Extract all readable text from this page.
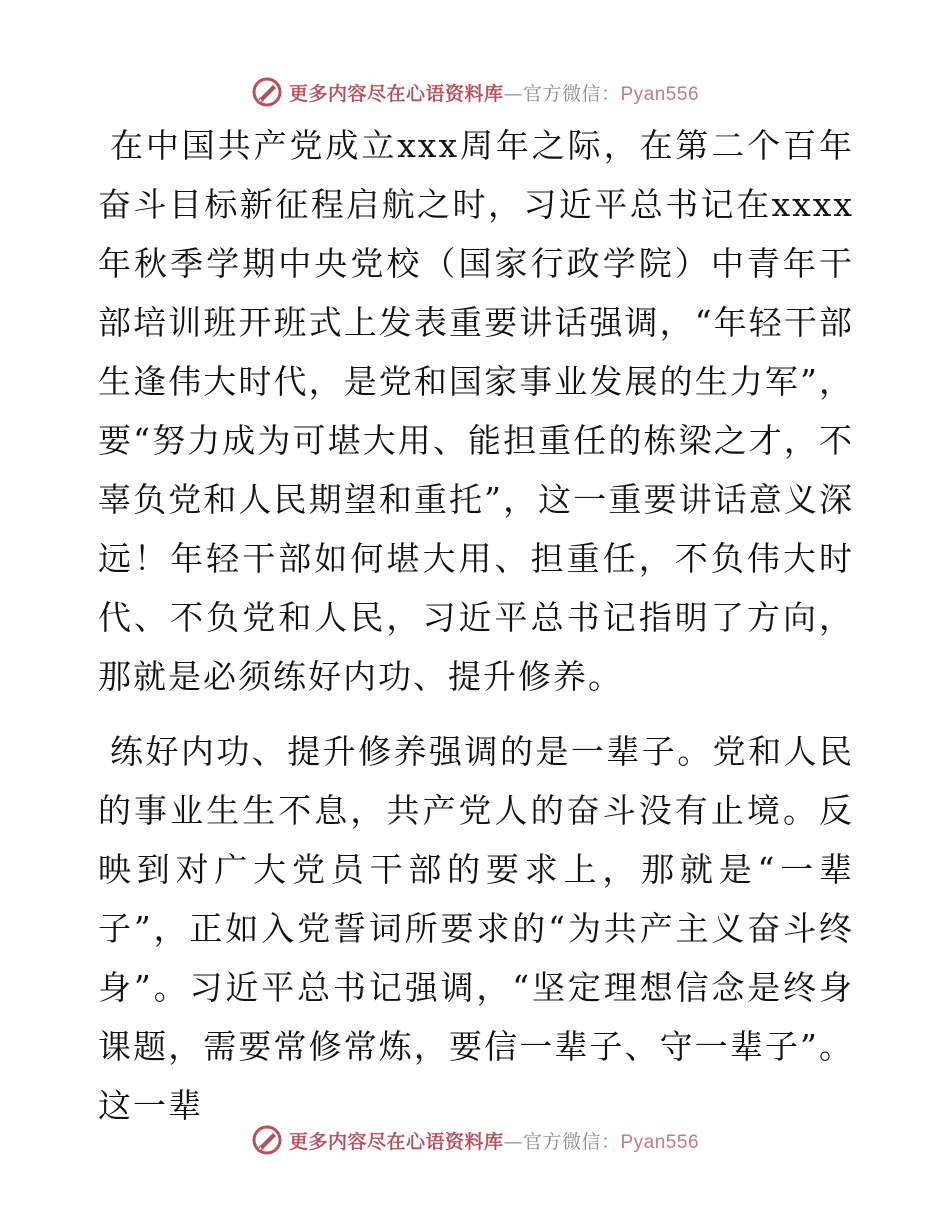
更多内容尽在心语资料库—官方微信：Pyan556

在中国共产党成立xxx周年之际，在第二个百年奋斗目标新征程启航之时，习近平总书记在xxxx年秋季学期中央党校（国家行政学院）中青年干部培训班开班式上发表重要讲话强调，“年轻干部生逢伟大时代，是党和国家事业发展的生力军”，要“努力成为可堪大用、能担重任的栋梁之才，不辜负党和人民期望和重托”，这一重要讲话意义深远！年轻干部如何堪大用、担重任，不负伟大时代、不负党和人民，习近平总书记指明了方向，那就是必须练好内功、提升修养。

练好内功、提升修养强调的是一辈子。党和人民的事业生生不息，共产党人的奋斗没有止境。反映到对广大党员干部的要求上，那就是“一辈子”，正如入党誓词所要求的“为共产主义奋斗终身”。习近平总书记强调，“坚定理想信念是终身课题，需要常修常炼，要信一辈子、守一辈子”。这一辈

更多内容尽在心语资料库—官方微信：Pyan556
